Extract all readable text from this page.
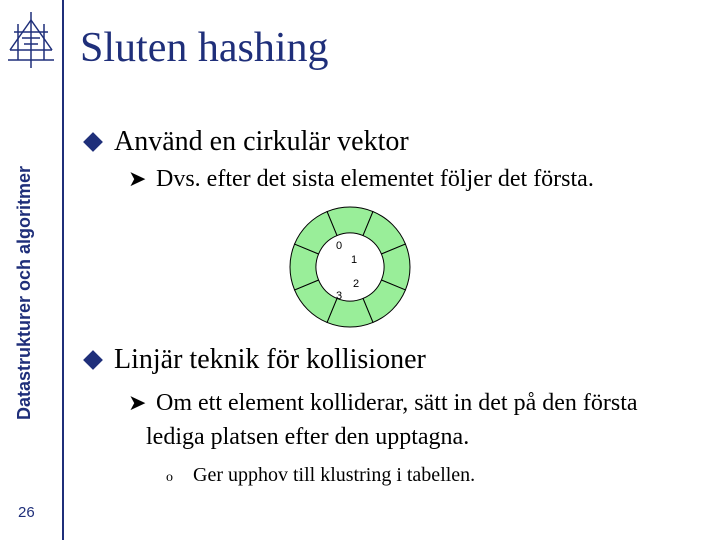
Datastrukturer och algoritmer
26
Sluten hashing
Använd en cirkulär vektor
➤ Dvs. efter det sista elementet följer det första.
0
1
2
3
Linjär teknik för kollisioner
➤ Om ett element kolliderar, sätt in det på den första
lediga platsen efter den upptagna.
o Ger upphov till klustring i tabellen.
